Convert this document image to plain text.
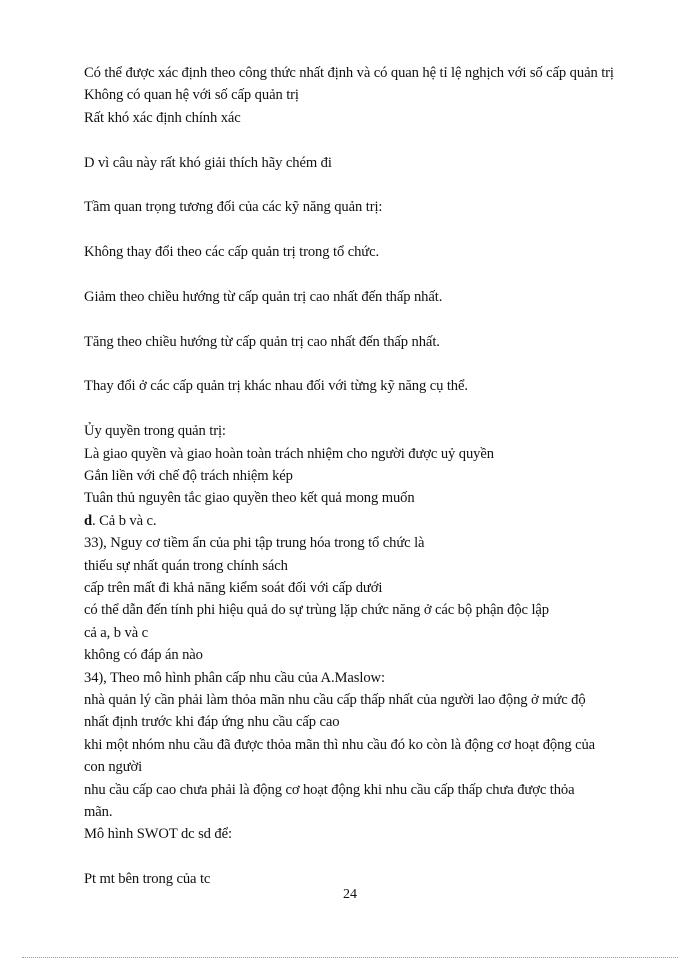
Có thể được xác định theo công thức nhất định và có quan hệ tỉ lệ nghịch với số cấp quản trị
Không có quan hệ với số cấp quản trị
Rất khó xác định chính xác
D vì câu này rất khó giải thích hãy chém đi
Tầm quan trọng tương đối của các kỹ năng quản trị:
Không thay đổi theo các cấp quản trị trong tổ chức.
Giảm theo chiều hướng từ cấp quản trị cao nhất đến thấp nhất.
Tăng theo chiều hướng từ cấp quản trị cao nhất đến thấp nhất.
Thay đổi ở các cấp quản trị khác nhau đối với từng kỹ năng cụ thể.
Ủy quyền trong quản trị:
Là giao quyền và giao hoàn toàn trách nhiệm cho người được uỷ quyền
Gắn liền với chế độ trách nhiệm kép
Tuân thủ nguyên tắc giao quyền theo kết quả mong muốn
d. Cả b và c.
33), Nguy cơ tiềm ẩn của phi tập trung hóa trong tổ chức là
thiếu sự nhất quán trong chính sách
cấp trên mất đi khả năng kiểm soát đối với cấp dưới
có thể dẫn đến tính phi hiệu quả do sự trùng lặp chức năng ở các bộ phận độc lập
cả a, b và c
không có đáp án nào
34), Theo mô hình phân cấp nhu cầu của A.Maslow:
nhà quản lý cần phải làm thỏa mãn nhu cầu cấp thấp nhất của người lao động ở mức độ
nhất định trước khi đáp ứng nhu cầu cấp cao
khi một nhóm nhu cầu đã được thỏa mãn thì nhu cầu đó ko còn là động cơ hoạt động của
con người
nhu cầu cấp cao chưa phải là động cơ hoạt động khi nhu cầu cấp thấp chưa được thỏa
mãn.
Mô hình SWOT dc sd để:
Pt mt bên trong của tc
24
